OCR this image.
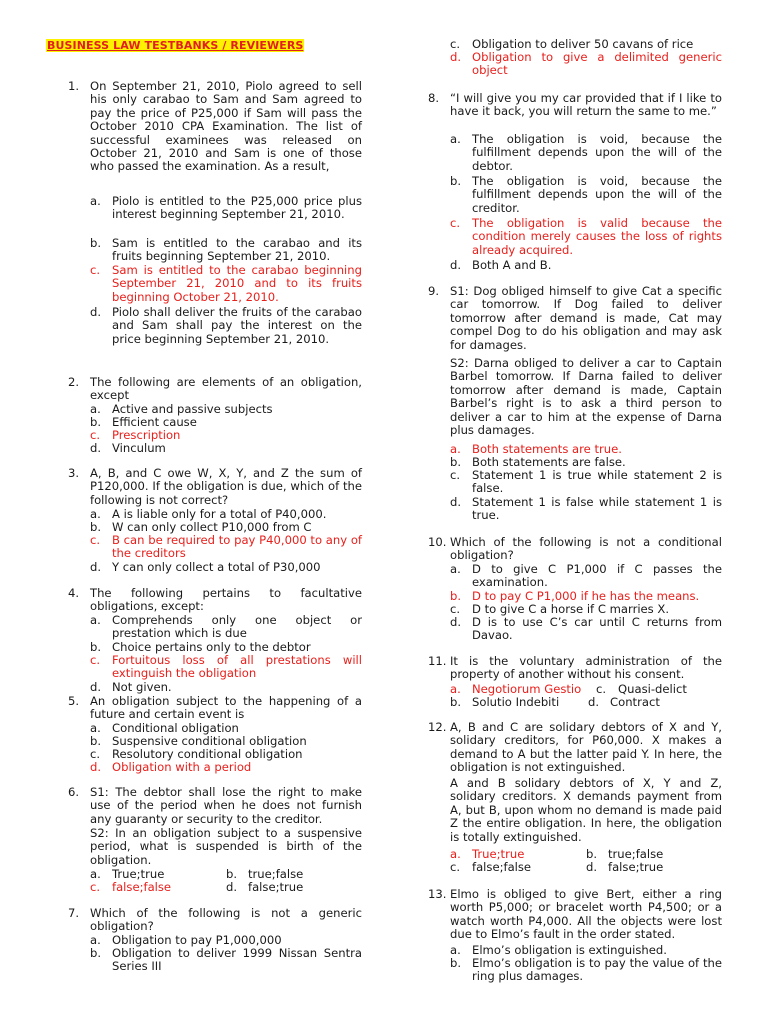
BUSINESS LAW TESTBANKS / REVIEWERS
1. On September 21, 2010, Piolo agreed to sell his only carabao to Sam and Sam agreed to pay the price of P25,000 if Sam will pass the October 2010 CPA Examination. The list of successful examinees was released on October 21, 2010 and Sam is one of those who passed the examination. As a result,
a. Piolo is entitled to the P25,000 price plus interest beginning September 21, 2010.
b. Sam is entitled to the carabao and its fruits beginning September 21, 2010.
c. Sam is entitled to the carabao beginning September 21, 2010 and to its fruits beginning October 21, 2010.
d. Piolo shall deliver the fruits of the carabao and Sam shall pay the interest on the price beginning September 21, 2010.
2. The following are elements of an obligation, except
a. Active and passive subjects
b. Efficient cause
c. Prescription
d. Vinculum
3. A, B, and C owe W, X, Y, and Z the sum of P120,000. If the obligation is due, which of the following is not correct?
a. A is liable only for a total of P40,000.
b. W can only collect P10,000 from C
c. B can be required to pay P40,000 to any of the creditors
d. Y can only collect a total of P30,000
4. The following pertains to facultative obligations, except:
a. Comprehends only one object or prestation which is due
b. Choice pertains only to the debtor
c. Fortuitous loss of all prestations will extinguish the obligation
d. Not given.
5. An obligation subject to the happening of a future and certain event is
a. Conditional obligation
b. Suspensive conditional obligation
c. Resolutory conditional obligation
d. Obligation with a period
6. S1: The debtor shall lose the right to make use of the period when he does not furnish any guaranty or security to the creditor.
S2: In an obligation subject to a suspensive period, what is suspended is birth of the obligation.
a. True;true	b. true;false
c. false;false	d. false;true
7. Which of the following is not a generic obligation?
a. Obligation to pay P1,000,000
b. Obligation to deliver 1999 Nissan Sentra Series III
c. Obligation to deliver 50 cavans of rice
d. Obligation to give a delimited generic object
8. “I will give you my car provided that if I like to have it back, you will return the same to me.”
a. The obligation is void, because the fulfillment depends upon the will of the debtor.
b. The obligation is void, because the fulfillment depends upon the will of the creditor.
c. The obligation is valid because the condition merely causes the loss of rights already acquired.
d. Both A and B.
9. S1: Dog obliged himself to give Cat a specific car tomorrow. If Dog failed to deliver tomorrow after demand is made, Cat may compel Dog to do his obligation and may ask for damages.
S2: Darna obliged to deliver a car to Captain Barbel tomorrow. If Darna failed to deliver tomorrow after demand is made, Captain Barbel’s right is to ask a third person to deliver a car to him at the expense of Darna plus damages.
a. Both statements are true.
b. Both statements are false.
c. Statement 1 is true while statement 2 is false.
d. Statement 1 is false while statement 1 is true.
10. Which of the following is not a conditional obligation?
a. D to give C P1,000 if C passes the examination.
b. D to pay C P1,000 if he has the means.
c. D to give C a horse if C marries X.
d. D is to use C’s car until C returns from Davao.
11. It is the voluntary administration of the property of another without his consent.
a. Negotiorum Gestio c. Quasi-delict
b. Solutio Indebiti d. Contract
12. A, B and C are solidary debtors of X and Y, solidary creditors, for P60,000. X makes a demand to A but the latter paid Y. In here, the obligation is not extinguished.
A and B solidary debtors of X, Y and Z, solidary creditors. X demands payment from A, but B, upon whom no demand is made paid Z the entire obligation. In here, the obligation is totally extinguished.
a. True;true	b. true;false
c. false;false	d. false;true
13. Elmo is obliged to give Bert, either a ring worth P5,000; or bracelet worth P4,500; or a watch worth P4,000. All the objects were lost due to Elmo’s fault in the order stated.
a. Elmo’s obligation is extinguished.
b. Elmo’s obligation is to pay the value of the ring plus damages.
